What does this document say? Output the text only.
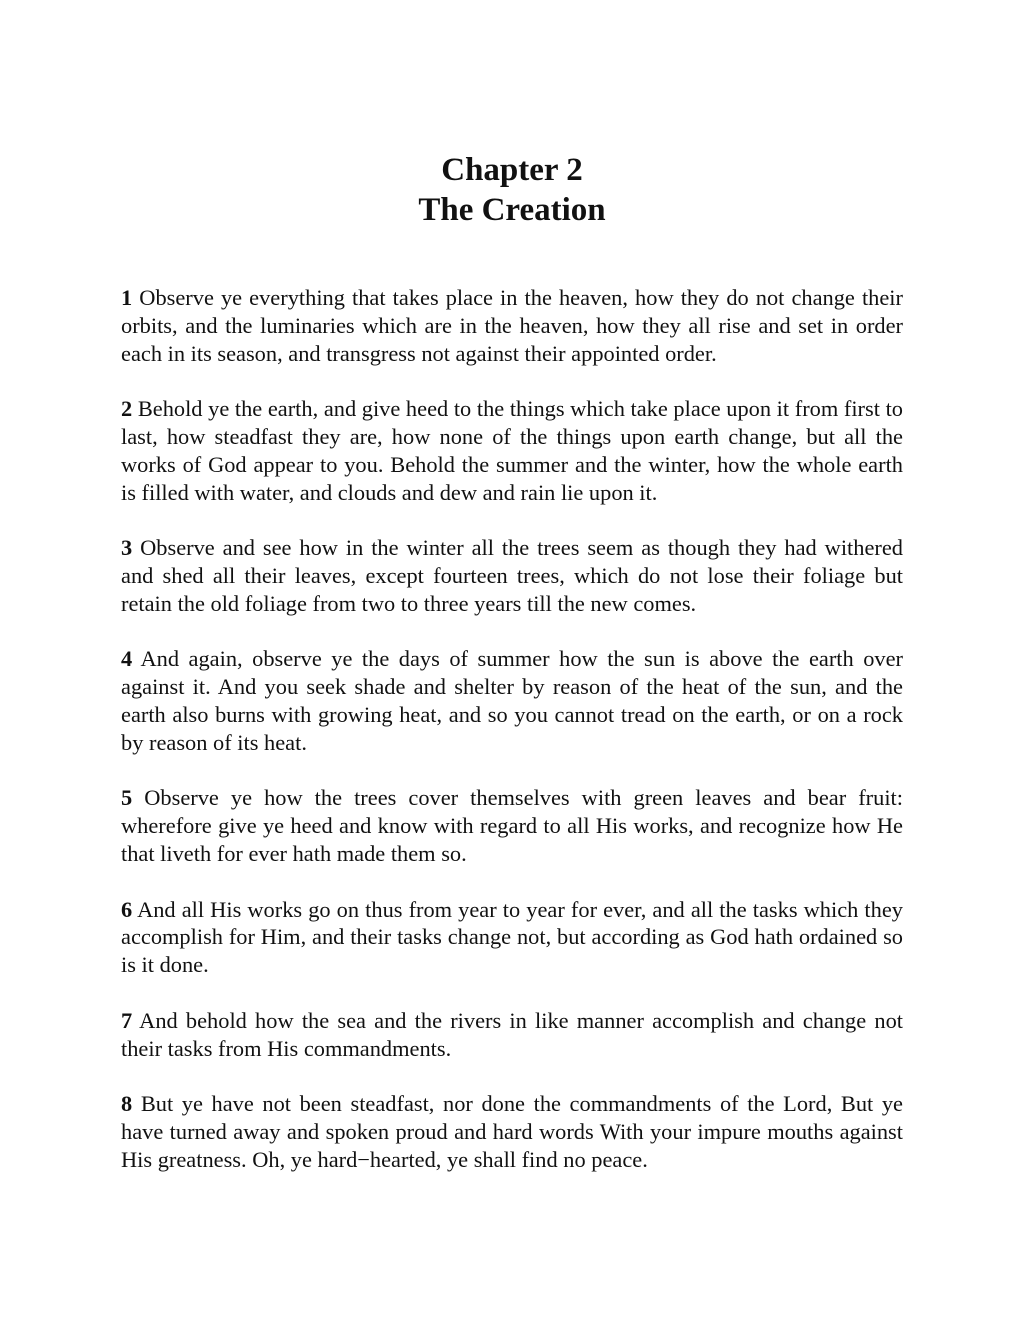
Chapter 2
The Creation

1 Observe ye everything that takes place in the heaven, how they do not change their orbits, and the luminaries which are in the heaven, how they all rise and set in order each in its season, and transgress not against their appointed order.

2 Behold ye the earth, and give heed to the things which take place upon it from first to last, how steadfast they are, how none of the things upon earth change, but all the works of God appear to you. Behold the summer and the winter, how the whole earth is filled with water, and clouds and dew and rain lie upon it.

3 Observe and see how in the winter all the trees seem as though they had withered and shed all their leaves, except fourteen trees, which do not lose their foliage but retain the old foliage from two to three years till the new comes.

4 And again, observe ye the days of summer how the sun is above the earth over against it. And you seek shade and shelter by reason of the heat of the sun, and the earth also burns with growing heat, and so you cannot tread on the earth, or on a rock by reason of its heat.

5 Observe ye how the trees cover themselves with green leaves and bear fruit: wherefore give ye heed and know with regard to all His works, and recognize how He that liveth for ever hath made them so.

6 And all His works go on thus from year to year for ever, and all the tasks which they accomplish for Him, and their tasks change not, but according as God hath ordained so is it done.

7 And behold how the sea and the rivers in like manner accomplish and change not their tasks from His commandments.

8 But ye have not been steadfast, nor done the commandments of the Lord, But ye have turned away and spoken proud and hard words With your impure mouths against His greatness. Oh, ye hard−hearted, ye shall find no peace.
